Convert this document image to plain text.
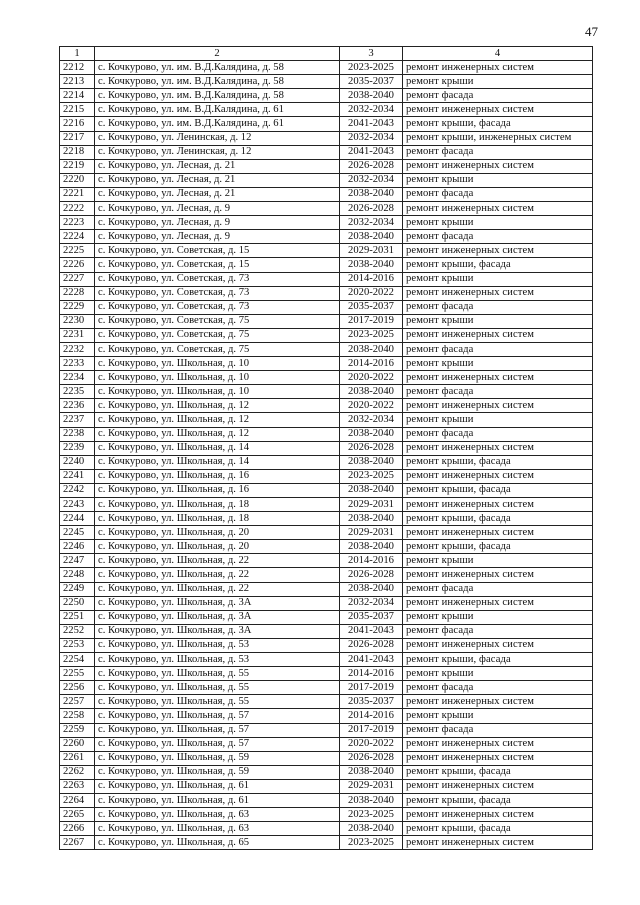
47
1	2	3	4
2212	с. Кочкурово, ул. им. В.Д.Калядина, д. 58	2023-2025	ремонт инженерных систем
2213	с. Кочкурово, ул. им. В.Д.Калядина, д. 58	2035-2037	ремонт крыши
2214	с. Кочкурово, ул. им. В.Д.Калядина, д. 58	2038-2040	ремонт фасада
2215	с. Кочкурово, ул. им. В.Д.Калядина, д. 61	2032-2034	ремонт инженерных систем
2216	с. Кочкурово, ул. им. В.Д.Калядина, д. 61	2041-2043	ремонт крыши, фасада
2217	с. Кочкурово, ул. Ленинская, д. 12	2032-2034	ремонт крыши, инженерных систем
2218	с. Кочкурово, ул. Ленинская, д. 12	2041-2043	ремонт фасада
2219	с. Кочкурово, ул. Лесная, д. 21	2026-2028	ремонт инженерных систем
2220	с. Кочкурово, ул. Лесная, д. 21	2032-2034	ремонт крыши
2221	с. Кочкурово, ул. Лесная, д. 21	2038-2040	ремонт фасада
2222	с. Кочкурово, ул. Лесная, д. 9	2026-2028	ремонт инженерных систем
2223	с. Кочкурово, ул. Лесная, д. 9	2032-2034	ремонт крыши
2224	с. Кочкурово, ул. Лесная, д. 9	2038-2040	ремонт фасада
2225	с. Кочкурово, ул. Советская, д. 15	2029-2031	ремонт инженерных систем
2226	с. Кочкурово, ул. Советская, д. 15	2038-2040	ремонт крыши, фасада
2227	с. Кочкурово, ул. Советская, д. 73	2014-2016	ремонт крыши
2228	с. Кочкурово, ул. Советская, д. 73	2020-2022	ремонт инженерных систем
2229	с. Кочкурово, ул. Советская, д. 73	2035-2037	ремонт фасада
2230	с. Кочкурово, ул. Советская, д. 75	2017-2019	ремонт крыши
2231	с. Кочкурово, ул. Советская, д. 75	2023-2025	ремонт инженерных систем
2232	с. Кочкурово, ул. Советская, д. 75	2038-2040	ремонт фасада
2233	с. Кочкурово, ул. Школьная, д. 10	2014-2016	ремонт крыши
2234	с. Кочкурово, ул. Школьная, д. 10	2020-2022	ремонт инженерных систем
2235	с. Кочкурово, ул. Школьная, д. 10	2038-2040	ремонт фасада
2236	с. Кочкурово, ул. Школьная, д. 12	2020-2022	ремонт инженерных систем
2237	с. Кочкурово, ул. Школьная, д. 12	2032-2034	ремонт крыши
2238	с. Кочкурово, ул. Школьная, д. 12	2038-2040	ремонт фасада
2239	с. Кочкурово, ул. Школьная, д. 14	2026-2028	ремонт инженерных систем
2240	с. Кочкурово, ул. Школьная, д. 14	2038-2040	ремонт крыши, фасада
2241	с. Кочкурово, ул. Школьная, д. 16	2023-2025	ремонт инженерных систем
2242	с. Кочкурово, ул. Школьная, д. 16	2038-2040	ремонт крыши, фасада
2243	с. Кочкурово, ул. Школьная, д. 18	2029-2031	ремонт инженерных систем
2244	с. Кочкурово, ул. Школьная, д. 18	2038-2040	ремонт крыши, фасада
2245	с. Кочкурово, ул. Школьная, д. 20	2029-2031	ремонт инженерных систем
2246	с. Кочкурово, ул. Школьная, д. 20	2038-2040	ремонт крыши, фасада
2247	с. Кочкурово, ул. Школьная, д. 22	2014-2016	ремонт крыши
2248	с. Кочкурово, ул. Школьная, д. 22	2026-2028	ремонт инженерных систем
2249	с. Кочкурово, ул. Школьная, д. 22	2038-2040	ремонт фасада
2250	с. Кочкурово, ул. Школьная, д. 3А	2032-2034	ремонт инженерных систем
2251	с. Кочкурово, ул. Школьная, д. 3А	2035-2037	ремонт крыши
2252	с. Кочкурово, ул. Школьная, д. 3А	2041-2043	ремонт фасада
2253	с. Кочкурово, ул. Школьная, д. 53	2026-2028	ремонт инженерных систем
2254	с. Кочкурово, ул. Школьная, д. 53	2041-2043	ремонт крыши, фасада
2255	с. Кочкурово, ул. Школьная, д. 55	2014-2016	ремонт крыши
2256	с. Кочкурово, ул. Школьная, д. 55	2017-2019	ремонт фасада
2257	с. Кочкурово, ул. Школьная, д. 55	2035-2037	ремонт инженерных систем
2258	с. Кочкурово, ул. Школьная, д. 57	2014-2016	ремонт крыши
2259	с. Кочкурово, ул. Школьная, д. 57	2017-2019	ремонт фасада
2260	с. Кочкурово, ул. Школьная, д. 57	2020-2022	ремонт инженерных систем
2261	с. Кочкурово, ул. Школьная, д. 59	2026-2028	ремонт инженерных систем
2262	с. Кочкурово, ул. Школьная, д. 59	2038-2040	ремонт крыши, фасада
2263	с. Кочкурово, ул. Школьная, д. 61	2029-2031	ремонт инженерных систем
2264	с. Кочкурово, ул. Школьная, д. 61	2038-2040	ремонт крыши, фасада
2265	с. Кочкурово, ул. Школьная, д. 63	2023-2025	ремонт инженерных систем
2266	с. Кочкурово, ул. Школьная, д. 63	2038-2040	ремонт крыши, фасада
2267	с. Кочкурово, ул. Школьная, д. 65	2023-2025	ремонт инженерных систем
